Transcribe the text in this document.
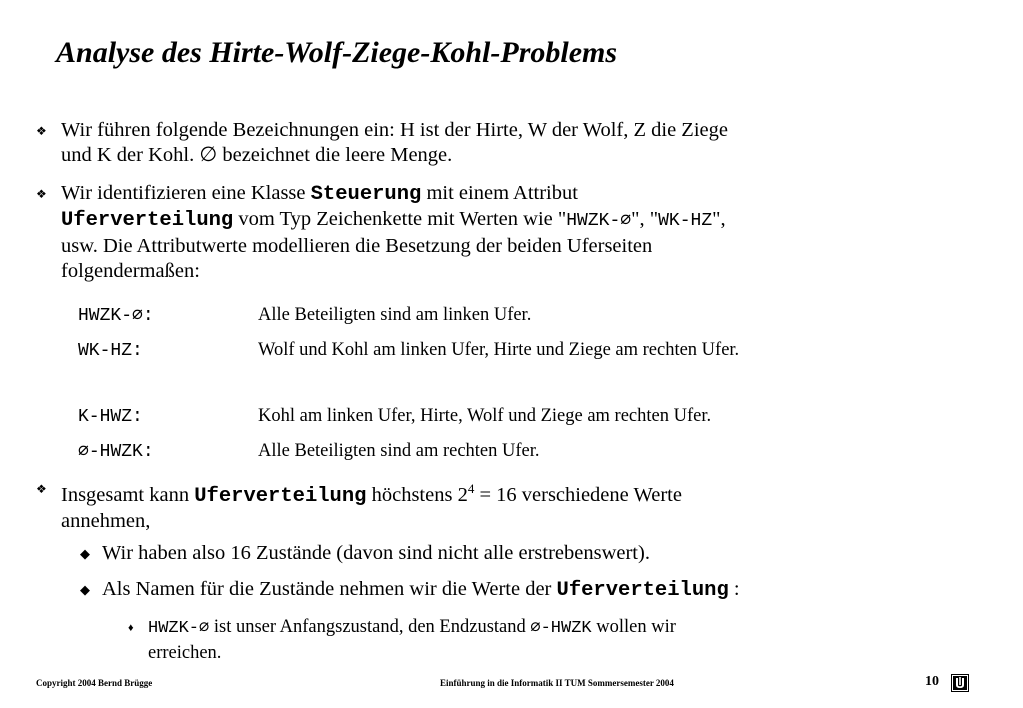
Analyse des Hirte-Wolf-Ziege-Kohl-Problems
❖ Wir führen folgende Bezeichnungen ein: H ist der Hirte, W der Wolf, Z die Ziege
und K der Kohl. ∅ bezeichnet die leere Menge.
❖ Wir identifizieren eine Klasse Steuerung mit einem Attribut
Uferverteilung vom Typ Zeichenkette mit Werten wie "HWZK-∅", "WK-HZ",
usw. Die Attributwerte modellieren die Besetzung der beiden Uferseiten
folgendermaßen:
HWZK-∅:	Alle Beteiligten sind am linken Ufer.
WK-HZ:	Wolf und Kohl am linken Ufer, Hirte und Ziege am rechten Ufer.
K-HWZ:	Kohl am linken Ufer, Hirte, Wolf und Ziege am rechten Ufer.
∅-HWZK:	Alle Beteiligten sind am rechten Ufer.
❖ Insgesamt kann Uferverteilung höchstens $2^4 = 16$ verschiedene Werte
annehmen,
◆ Wir haben also 16 Zustände (davon sind nicht alle erstrebenswert).
◆ Als Namen für die Zustände nehmen wir die Werte der Uferverteilung :
♦ HWZK-∅ ist unser Anfangszustand, den Endzustand ∅-HWZK wollen wir
erreichen.
Copyright 2004 Bernd Brügge	Einführung in die Informatik II TUM Sommersemester 2004	10
